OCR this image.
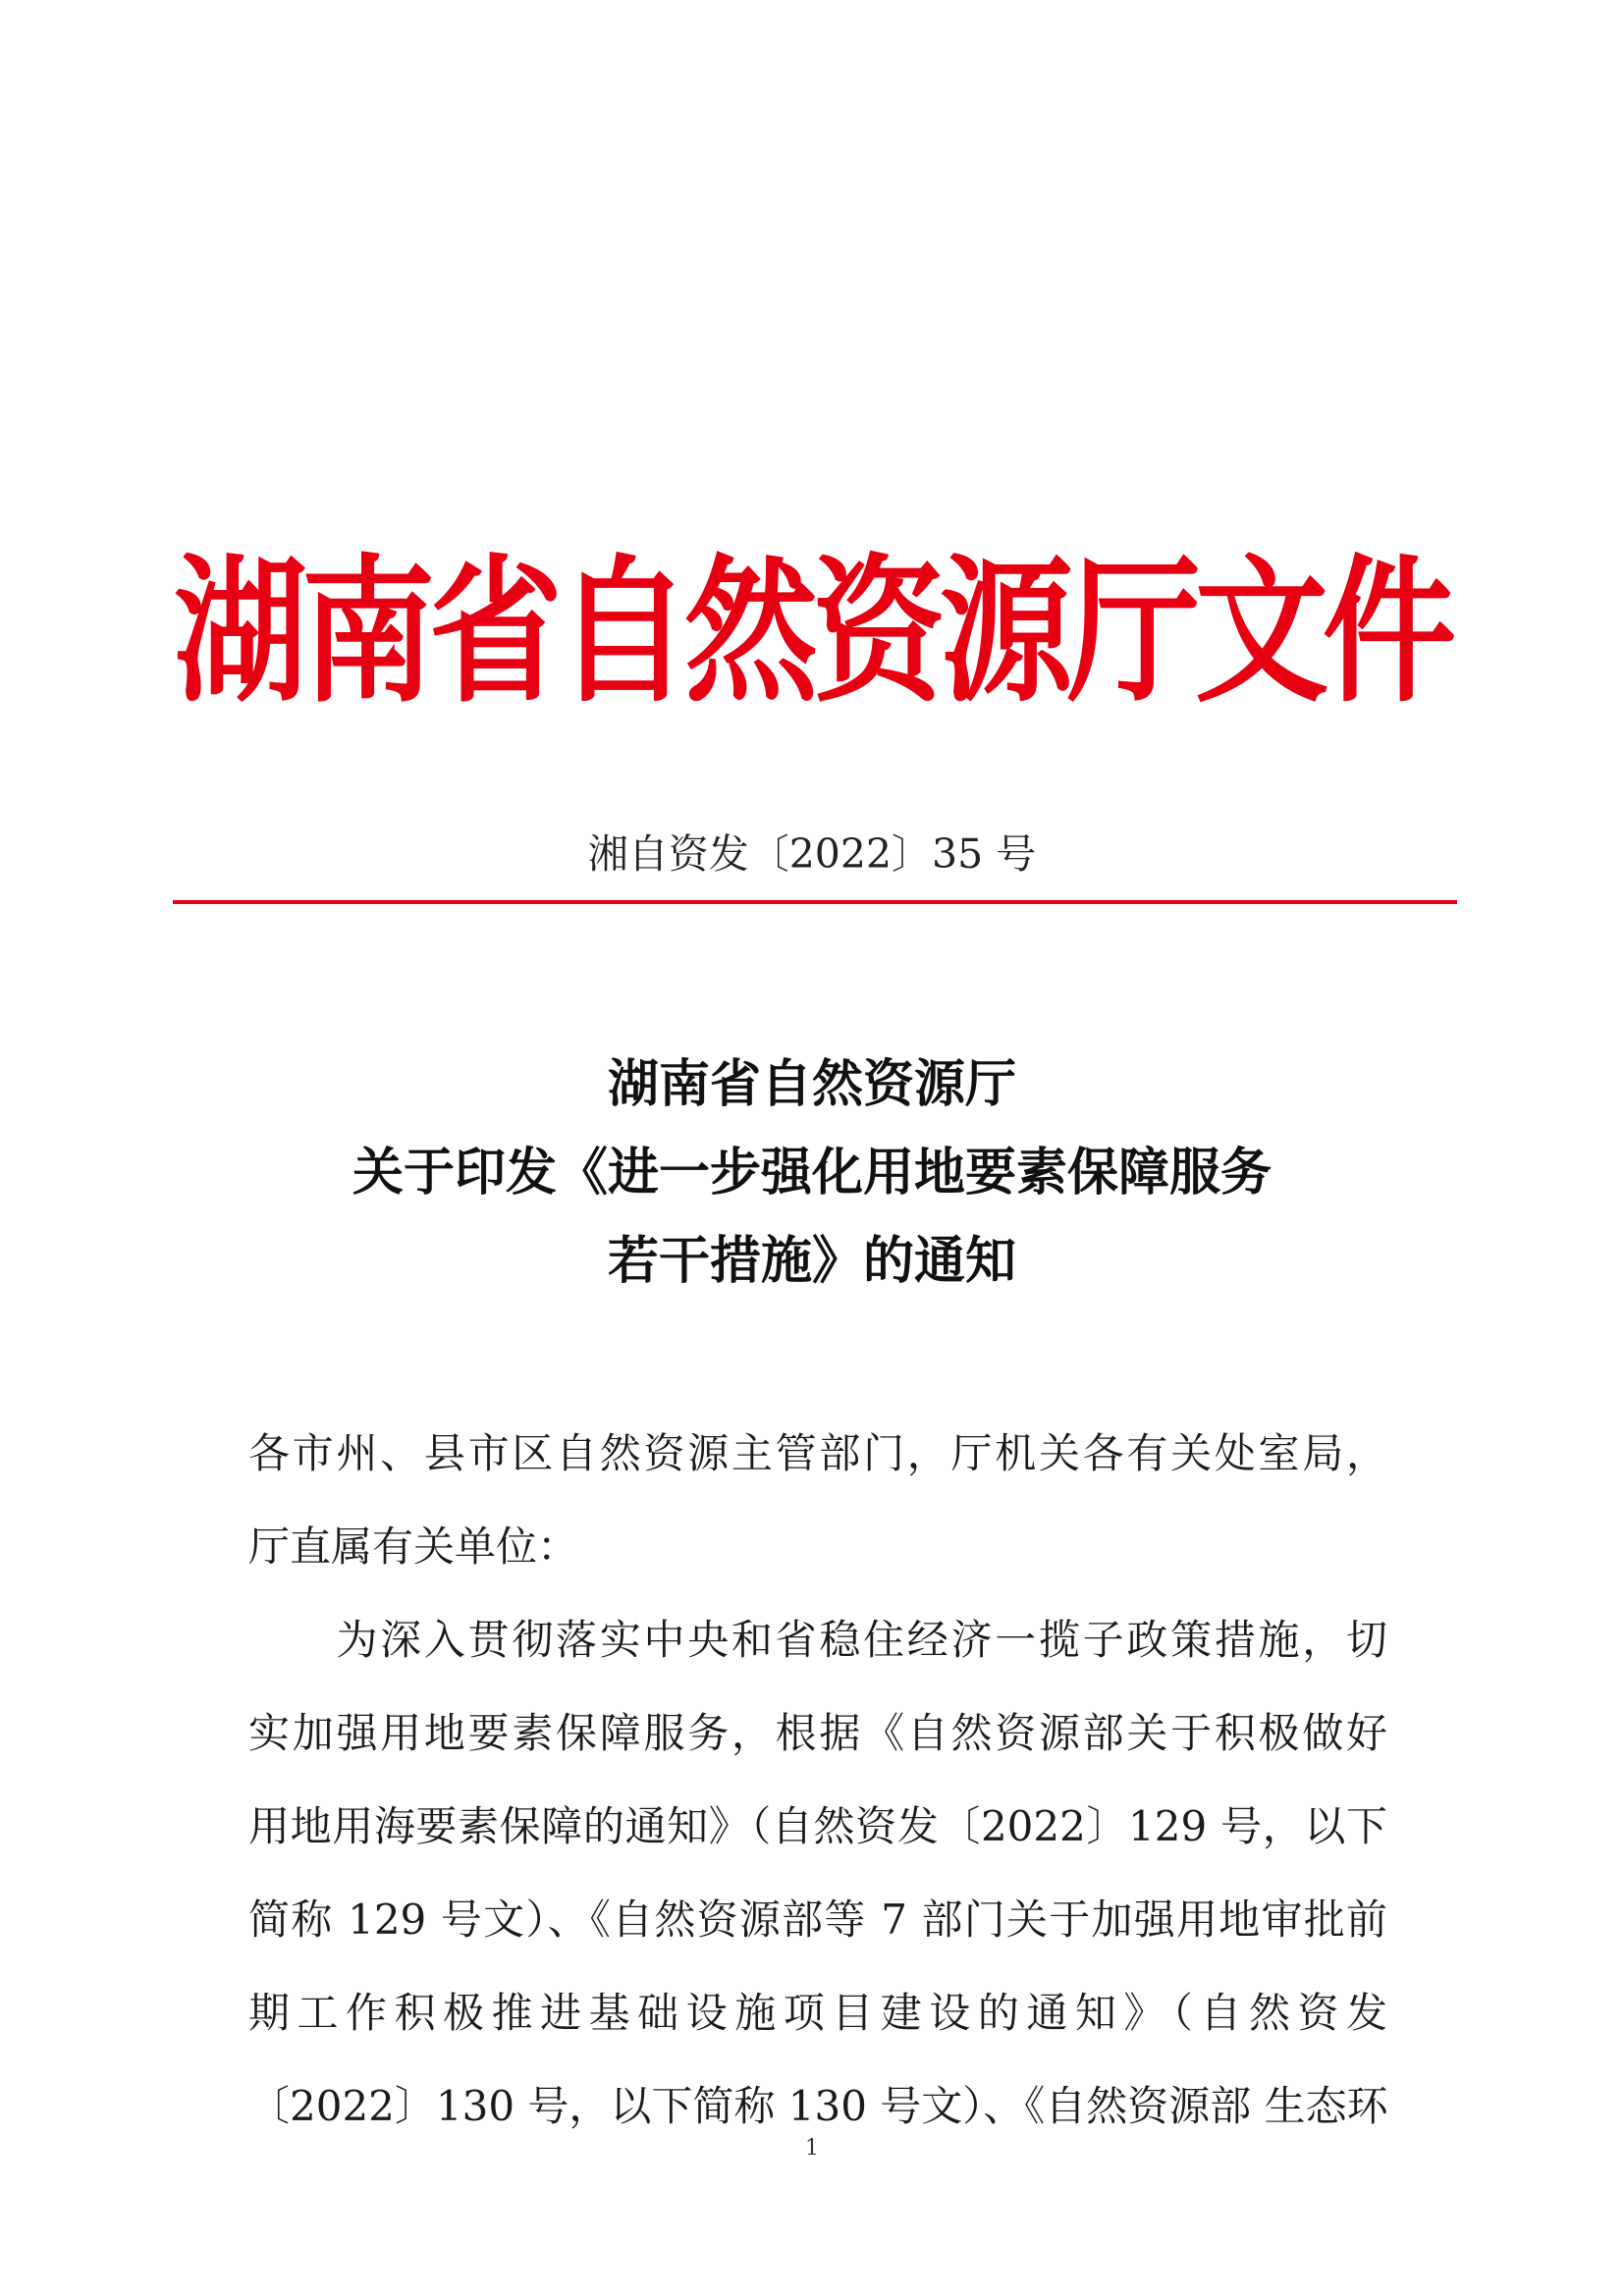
湖南省自然资源厅文件
湘自资发〔2022〕35 号
湖南省自然资源厅
关于印发《进一步强化用地要素保障服务
若干措施》的通知
各市州、县市区自然资源主管部门，厅机关各有关处室局，
厅直属有关单位：
　　为深入贯彻落实中央和省稳住经济一揽子政策措施，切
实加强用地要素保障服务，根据《自然资源部关于积极做好
用地用海要素保障的通知》（自然资发〔2022〕129 号，以下
简称 129 号文）、《自然资源部等 7 部门关于加强用地审批前
期工作积极推进基础设施项目建设的通知》（自然资发
〔2022〕130 号，以下简称 130 号文）、《自然资源部 生态环
1
